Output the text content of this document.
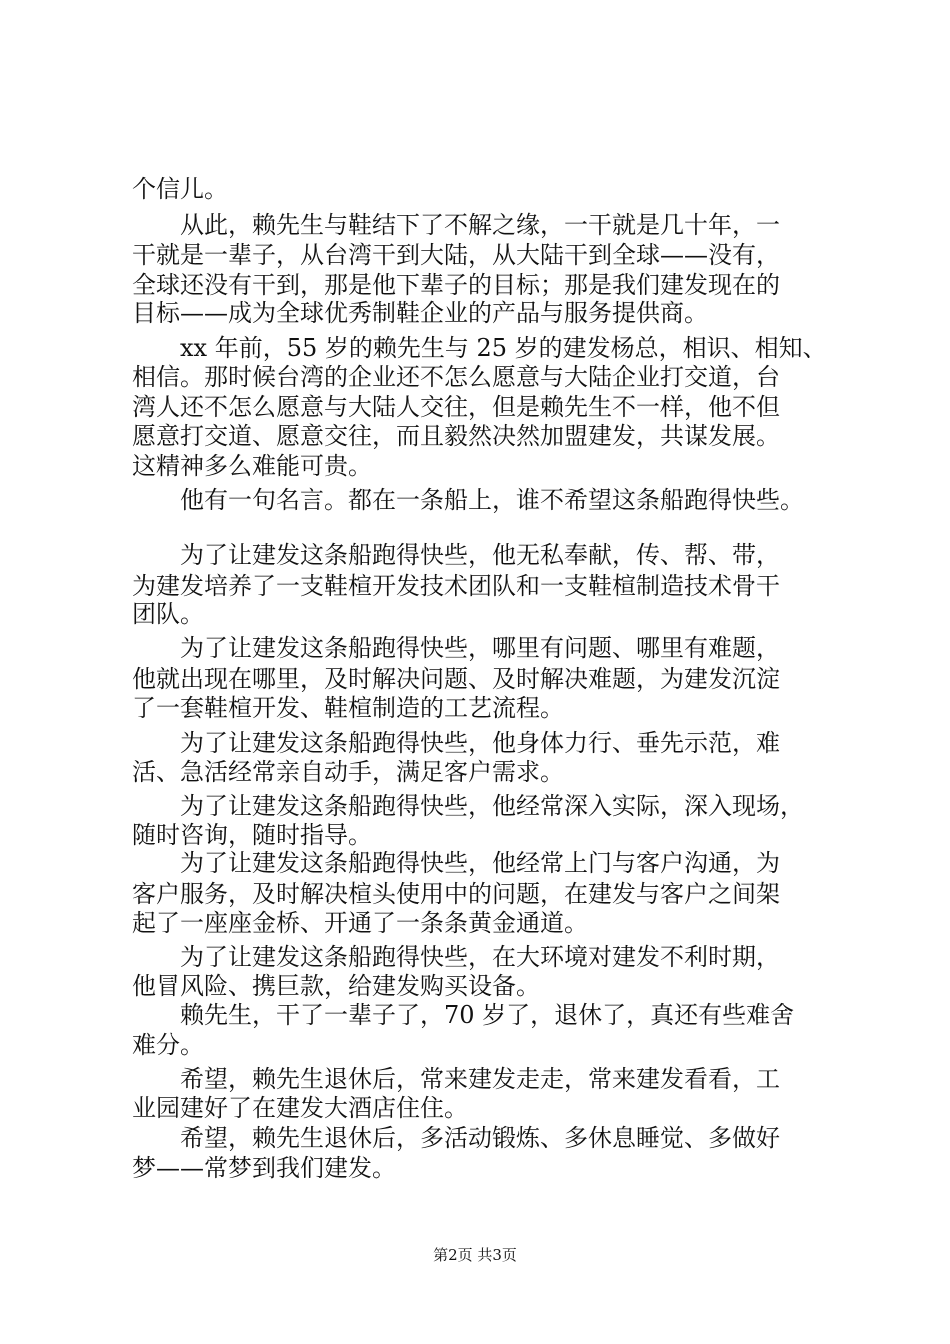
个信儿。
　　从此，赖先生与鞋结下了不解之缘，一干就是几十年，一
干就是一辈子，从台湾干到大陆，从大陆干到全球——没有，
全球还没有干到，那是他下辈子的目标；那是我们建发现在的
目标——成为全球优秀制鞋企业的产品与服务提供商。
　　xx 年前，55 岁的赖先生与 25 岁的建发杨总，相识、相知、
相信。那时候台湾的企业还不怎么愿意与大陆企业打交道，台
湾人还不怎么愿意与大陆人交往，但是赖先生不一样，他不但
愿意打交道、愿意交往，而且毅然决然加盟建发，共谋发展。
这精神多么难能可贵。
　　他有一句名言。都在一条船上，谁不希望这条船跑得快些。
　　为了让建发这条船跑得快些，他无私奉献，传、帮、带，
为建发培养了一支鞋楦开发技术团队和一支鞋楦制造技术骨干
团队。
　　为了让建发这条船跑得快些，哪里有问题、哪里有难题，
他就出现在哪里，及时解决问题、及时解决难题，为建发沉淀
了一套鞋楦开发、鞋楦制造的工艺流程。
　　为了让建发这条船跑得快些，他身体力行、垂先示范，难
活、急活经常亲自动手，满足客户需求。
　　为了让建发这条船跑得快些，他经常深入实际，深入现场，
随时咨询，随时指导。
　　为了让建发这条船跑得快些，他经常上门与客户沟通，为
客户服务，及时解决楦头使用中的问题，在建发与客户之间架
起了一座座金桥、开通了一条条黄金通道。
　　为了让建发这条船跑得快些，在大环境对建发不利时期，
他冒风险、携巨款，给建发购买设备。
　　赖先生，干了一辈子了，70 岁了，退休了，真还有些难舍
难分。
　　希望，赖先生退休后，常来建发走走，常来建发看看，工
业园建好了在建发大酒店住住。
　　希望，赖先生退休后，多活动锻炼、多休息睡觉、多做好
梦——常梦到我们建发。
第2页 共3页
